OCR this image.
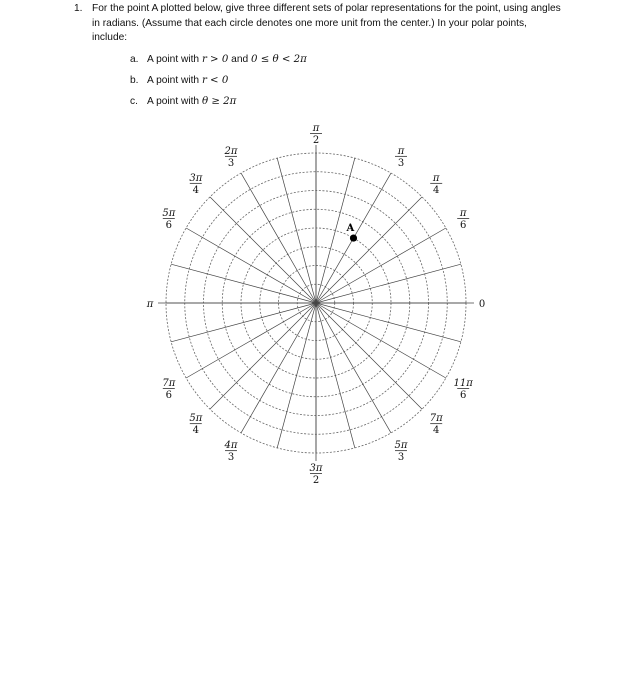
1. For the point A plotted below, give three different sets of polar representations for the point, using angles in radians. (Assume that each circle denotes one more unit from the center.) In your polar points, include:
a. A point with r > 0 and 0 ≤ θ < 2π
b. A point with r < 0
c. A point with θ ≥ 2π
0
π
6
π
4
π
3
π
2
2π
3
3π
4
5π
6
π
7π
6
5π
4
4π
3
3π
2
5π
3
7π
4
11π
6
A
